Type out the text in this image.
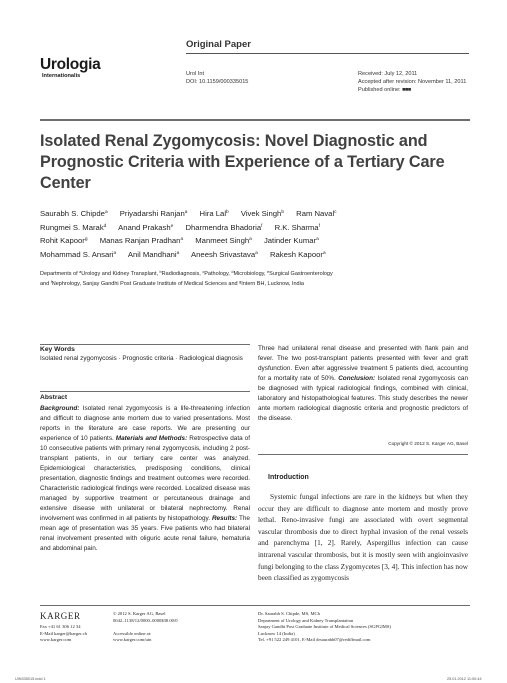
Urologia
Internationalis
Original Paper
Urol Int
DOI: 10.1159/000335015
Received: July 12, 2011
Accepted after revision: November 11, 2011
Published online: ■■■
Isolated Renal Zygomycosis: Novel Diagnostic and Prognostic Criteria with Experience of a Tertiary Care Center
Saurabh S. Chipde$^a$ Priyadarshi Ranjan$^a$ Hira Lal$^b$ Vivek Singh$^b$ Ram Naval$^c$
Rungmei S. Marak$^d$ Anand Prakash$^e$ Dharmendra Bhadoria$^f$ R.K. Sharma$^f$
Rohit Kapoor$^g$ Manas Ranjan Pradhan$^a$ Manmeet Singh$^a$ Jatinder Kumar$^a$
Mohammad S. Ansari$^a$ Anil Mandhani$^a$ Aneesh Srivastava$^a$ Rakesh Kapoor$^a$
Departments of $^a$Urology and Kidney Transplant, $^b$Radiodiagnosis, $^c$Pathology, $^d$Microbiology, $^e$Surgical Gastroenterology
and $^f$Nephrology, Sanjay Gandhi Post Graduate Institute of Medical Sciences and $^g$Intern BH, Lucknow, India
Key Words
Isolated renal zygomycosis · Prognostic criteria · Radiological diagnosis
Abstract
Background: Isolated renal zygomycosis is a life-threatening infection and difficult to diagnose ante mortem due to varied presentations. Most reports in the literature are case reports. We are presenting our experience of 10 patients. Materials and Methods: Retrospective data of 10 consecutive patients with primary renal zygomycosis, including 2 post-transplant patients, in our tertiary care center was analyzed. Epidemiological characteristics, predisposing conditions, clinical presentation, diagnostic findings and treatment outcomes were recorded. Characteristic radiological findings were recorded. Localized disease was managed by supportive treatment or percutaneous drainage and extensive disease with unilateral or bilateral nephrectomy. Renal involvement was confirmed in all patients by histopathology. Results: The mean age of presentation was 35 years. Five patients who had bilateral renal involvement presented with oliguric acute renal failure, hematuria and abdominal pain.
Three had unilateral renal disease and presented with flank pain and fever. The two post-transplant patients presented with fever and graft dysfunction. Even after aggressive treatment 5 patients died, accounting for a mortality rate of 50%. Conclusion: Isolated renal zygomycosis can be diagnosed with typical radiological findings, combined with clinical, laboratory and histopathological features. This study describes the newer ante mortem radiological diagnostic criteria and prognostic predictors of the disease.
Copyright © 2012 S. Karger AG, Basel
Introduction
Systemic fungal infections are rare in the kidneys but when they occur they are difficult to diagnose ante mortem and mostly prove lethal. Reno-invasive fungi are associated with overt segmental vascular thrombosis due to direct hyphal invasion of the renal vessels and parenchyma [1, 2]. Rarely, Aspergillus infection can cause intrarenal vascular thrombosis, but it is mostly seen with angioinvasive fungi belonging to the class Zygomycetes [3, 4]. This infection has now been classified as zygomycosis
KARGER
Fax +41 61 306 12 34
E-Mail karger@karger.ch
www.karger.com
© 2012 S. Karger AG, Basel
0042–1138/12/0000–0000$38.00/0
Accessible online at:
www.karger.com/uin
Dr. Saurabh S. Chipde, MS, MCh
Department of Urology and Kidney Transplantation
Sanjay Gandhi Post Graduate Institute of Medical Sciences (SGPGIMS)
Lucknow 14 (India)
Tel. +91 522 249 4101, E-Mail drsaurabh07@rediffmail.com
UIN335015.indd 1	25.01.2012 11:00:44
